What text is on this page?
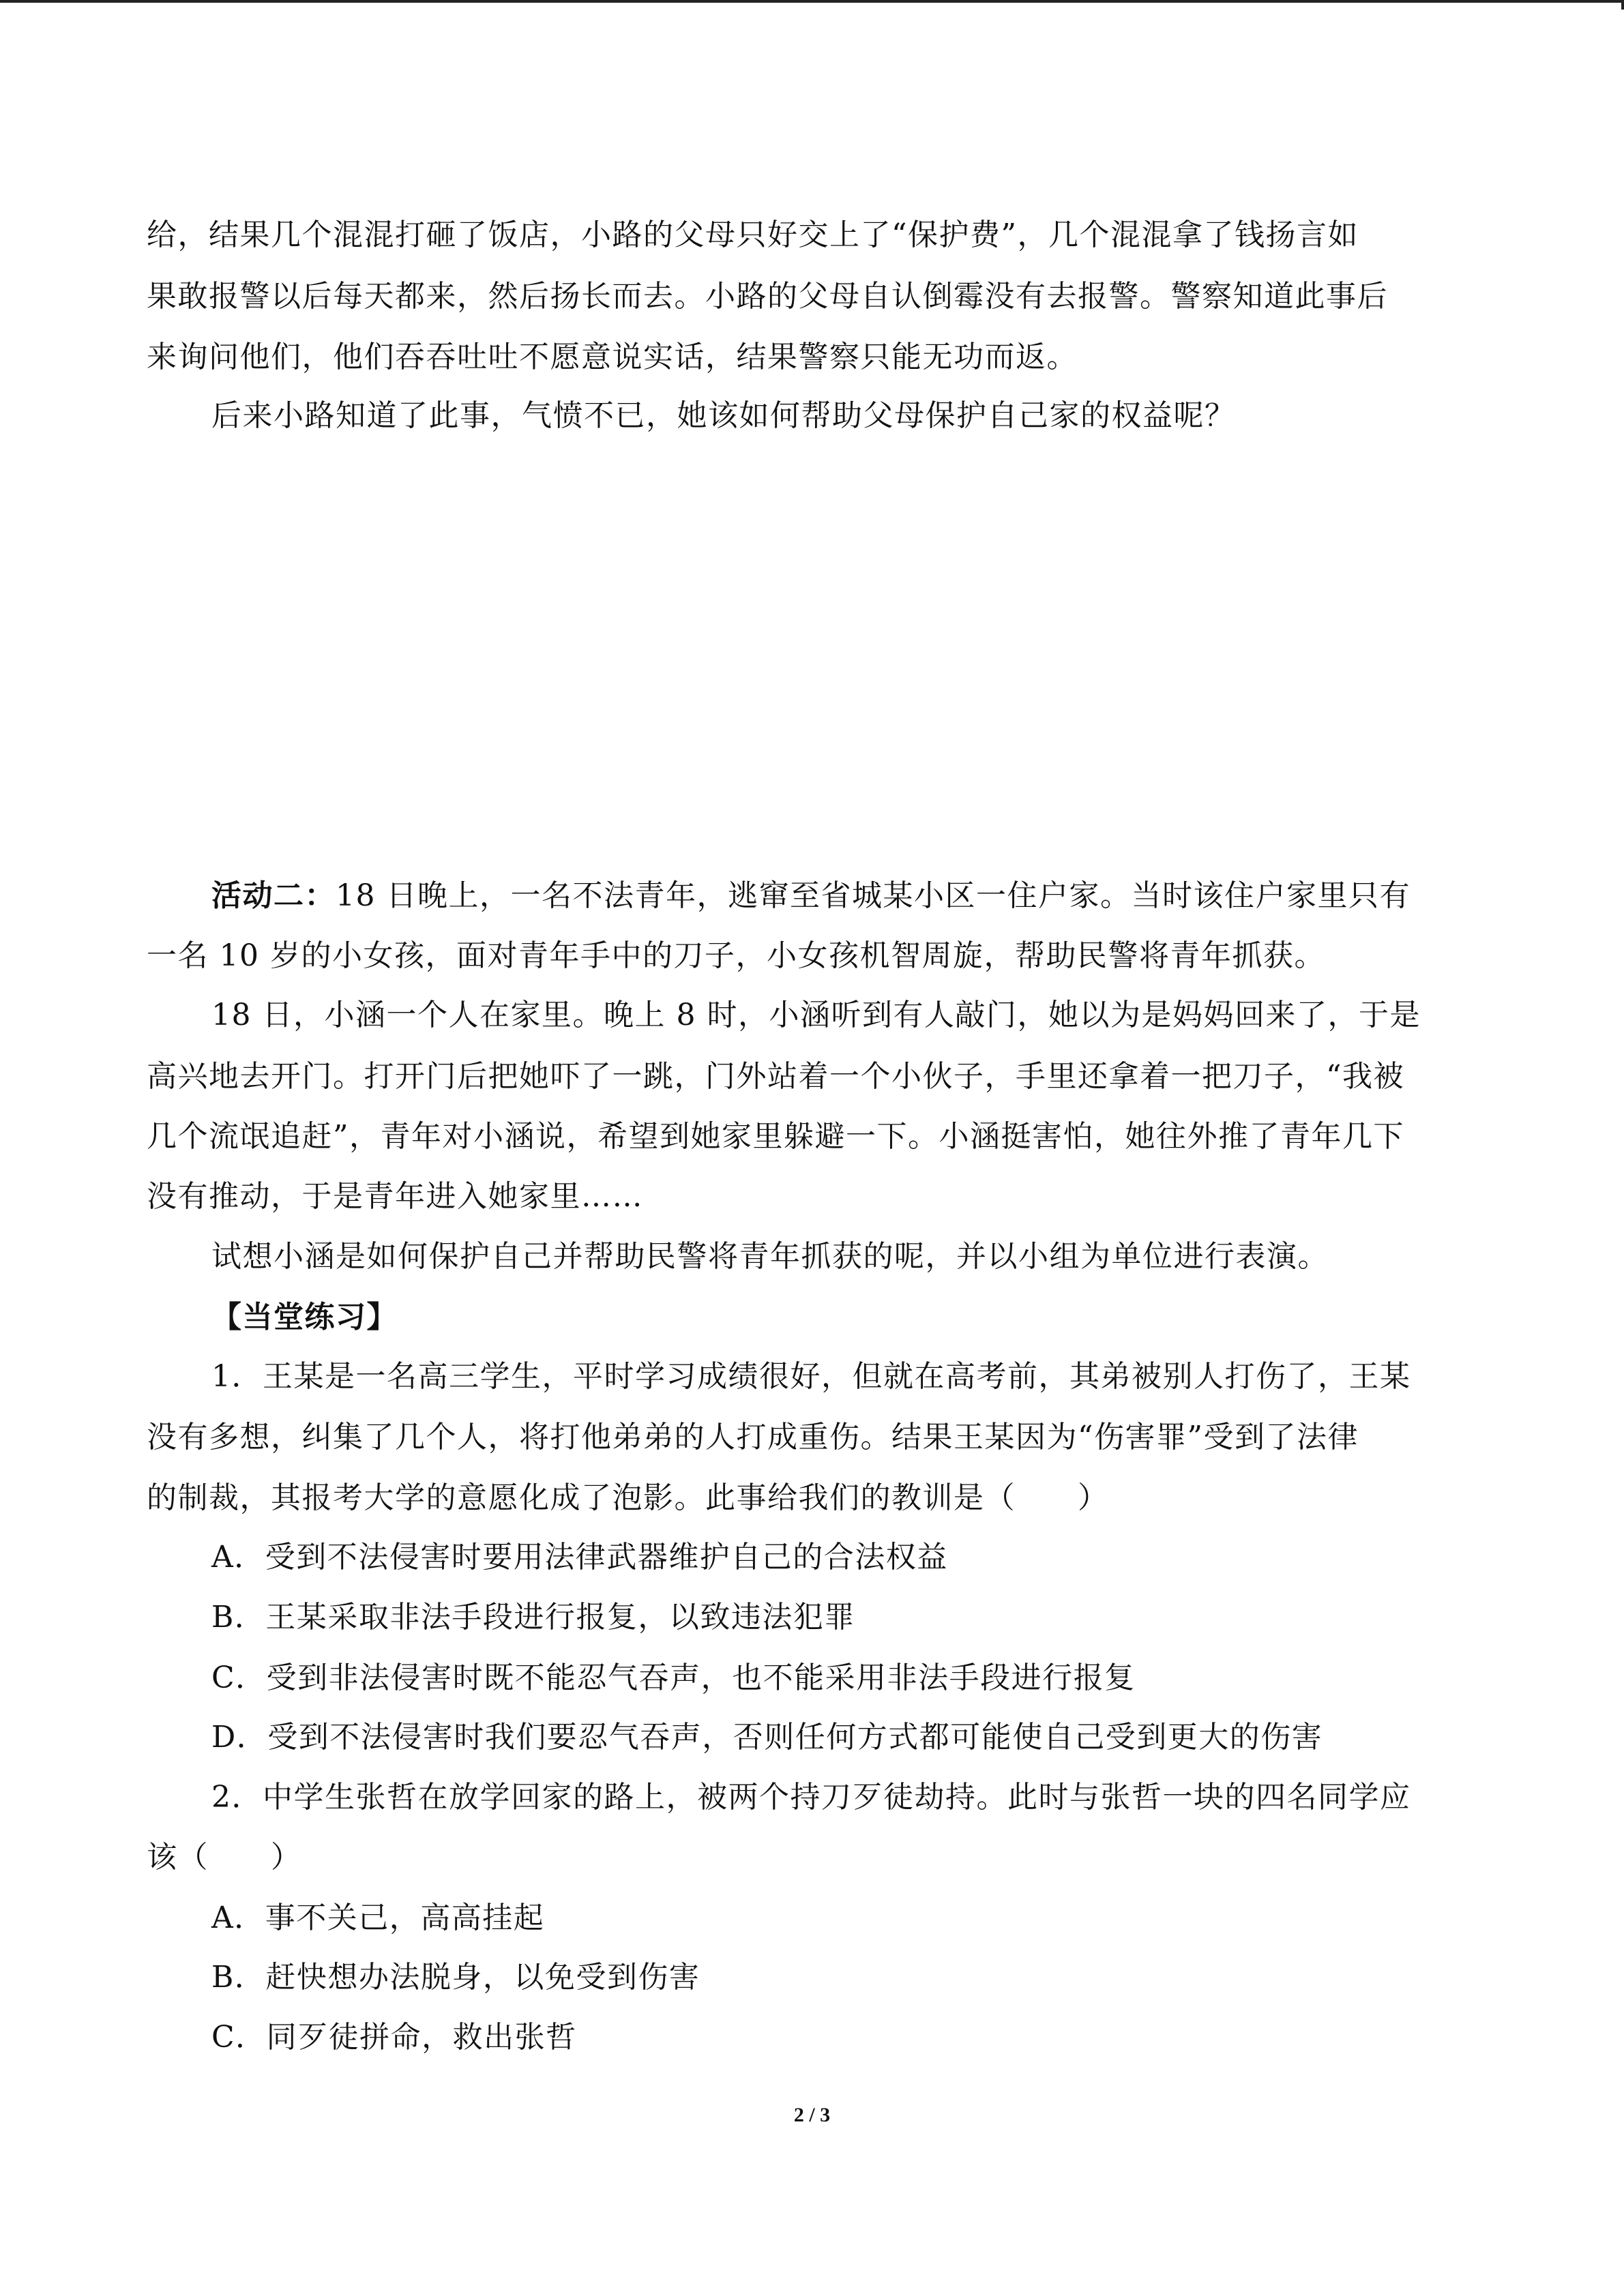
给，结果几个混混打砸了饭店，小路的父母只好交上了“保护费”，几个混混拿了钱扬言如
果敢报警以后每天都来，然后扬长而去。小路的父母自认倒霉没有去报警。警察知道此事后
来询问他们，他们吞吞吐吐不愿意说实话，结果警察只能无功而返。
后来小路知道了此事，气愤不已，她该如何帮助父母保护自己家的权益呢？
活动二：18 日晚上，一名不法青年，逃窜至省城某小区一住户家。当时该住户家里只有
一名 10 岁的小女孩，面对青年手中的刀子，小女孩机智周旋，帮助民警将青年抓获。
18 日，小涵一个人在家里。晚上 8 时，小涵听到有人敲门，她以为是妈妈回来了，于是
高兴地去开门。打开门后把她吓了一跳，门外站着一个小伙子，手里还拿着一把刀子，“我被
几个流氓追赶”，青年对小涵说，希望到她家里躲避一下。小涵挺害怕，她往外推了青年几下
没有推动，于是青年进入她家里……
试想小涵是如何保护自己并帮助民警将青年抓获的呢，并以小组为单位进行表演。
【当堂练习】
1．王某是一名高三学生，平时学习成绩很好，但就在高考前，其弟被别人打伤了，王某
没有多想，纠集了几个人，将打他弟弟的人打成重伤。结果王某因为“伤害罪”受到了法律
的制裁，其报考大学的意愿化成了泡影。此事给我们的教训是（　　）
A．受到不法侵害时要用法律武器维护自己的合法权益
B．王某采取非法手段进行报复，以致违法犯罪
C．受到非法侵害时既不能忍气吞声，也不能采用非法手段进行报复
D．受到不法侵害时我们要忍气吞声，否则任何方式都可能使自己受到更大的伤害
2．中学生张哲在放学回家的路上，被两个持刀歹徒劫持。此时与张哲一块的四名同学应
该（　　）
A．事不关己，高高挂起
B．赶快想办法脱身，以免受到伤害
C．同歹徒拼命，救出张哲
2 / 3
